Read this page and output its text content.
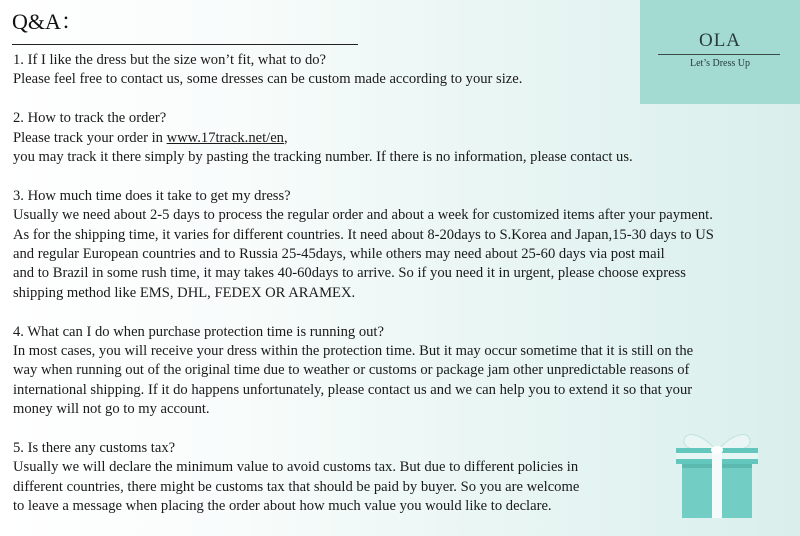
Q&A：
OLA
Let’s Dress Up

1. If I like the dress but the size won’t fit, what to do?

Please feel free to contact us, some dresses can be custom made according to your size.

2. How to track the order?

Please track your order in www.17track.net/en,

you may track it there simply by pasting the tracking number. If there is no information, please contact us.

3. How much time does it take to get my dress?

Usually we need about 2-5 days to process the regular order and about a week for customized items after your payment.

As for the shipping time, it varies for different countries. It need about 8-20days to S.Korea and Japan,15-30 days to US

and regular European countries and to Russia 25-45days, while others may need about 25-60 days via post mail

and to Brazil in some rush time, it may takes 40-60days to arrive. So if you need it in urgent, please choose express

shipping method like EMS, DHL, FEDEX OR ARAMEX.

4. What can I do when purchase protection time is running out?

In most cases, you will receive your dress within the protection time. But it may occur sometime that it is still on the

way when running out of the original time due to weather or customs or package jam other unpredictable reasons of

international shipping. If it do happens unfortunately, please contact us and we can help you to extend it so that your

money will not go to my account.

5. Is there any customs tax?

Usually we will declare the minimum value to avoid customs tax. But due to different policies in

different countries, there might be customs tax that should be paid by buyer. So you are welcome

to leave a message when placing the order about how much value you would like to declare.
